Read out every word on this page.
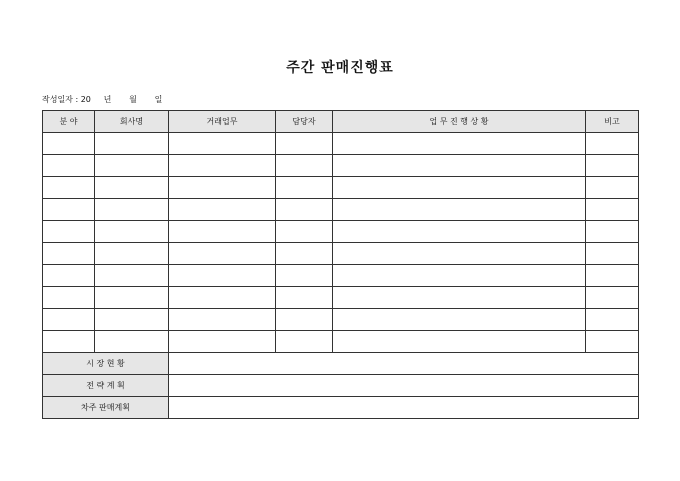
주간 판매진행표
작성일자 : 20     년       월       일
분 야	회사명	거래업무	담당자	업 무 진 행 상 황	비고

시 장 현 황					
전 략 계 획					
차주 판매계획					
